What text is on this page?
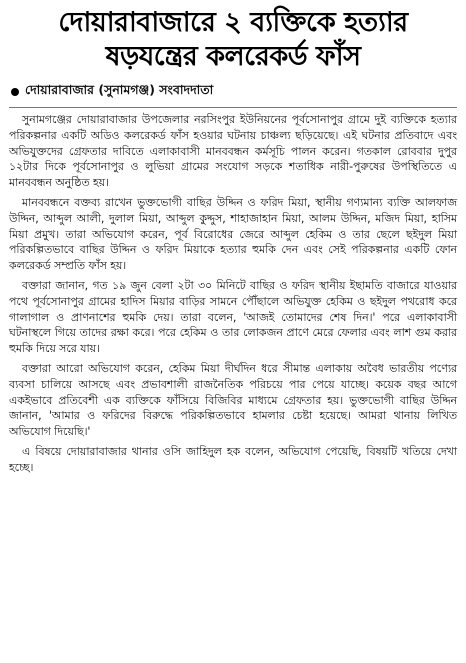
দোয়ারাবাজারে ২ ব্যক্তিকে হত্যার
ষড়যন্ত্রের কলরেকর্ড ফাঁস
দোয়ারাবাজার (সুনামগঞ্জ) সংবাদদাতা

সুনামগঞ্জের দোয়ারাবাজার উপজেলার নরসিংপুর ইউনিয়নের পূর্বসোনাপুর গ্রামে দুই ব্যক্তিকে হত্যার পরিকল্পনার একটি অডিও কলরেকর্ড ফাঁস হওয়ার ঘটনায় চাঞ্চল্য ছড়িয়েছে। এই ঘটনার প্রতিবাদে এবং অভিযুক্তদের গ্রেফতার দাবিতে এলাকাবাসী মানববন্ধন কর্মসূচি পালন করেন। গতকাল রোববার দুপুর ১২টার দিকে পূর্বসোনাপুর ও লুভিয়া গ্রামের সংযোগ সড়কে শতাধিক নারী-পুরুষের উপস্থিতিতে এ মানববন্ধন অনুষ্ঠিত হয়।

মানববন্ধনে বক্তব্য রাখেন ভুক্তভোগী বাছির উদ্দিন ও ফরিদ মিয়া, স্থানীয় গণ্যমান্য ব্যক্তি আলফাজ উদ্দিন, আব্দুল আলী, দুলাল মিয়া, আব্দুল কুদ্দুস, শাহাজাহান মিয়া, আলম উদ্দিন, মজিদ মিয়া, হাসিম মিয়া প্রমুখ। তারা অভিযোগ করেন, পূর্ব বিরোধের জেরে আব্দুল হেকিম ও তার ছেলে ছইদুল মিয়া পরিকল্পিতভাবে বাছির উদ্দিন ও ফরিদ মিয়াকে হত্যার হুমকি দেন এবং সেই পরিকল্পনার একটি ফোন কলরেকর্ড সম্প্রতি ফাঁস হয়।

বক্তারা জানান, গত ১৯ জুন বেলা ২টা ৩০ মিনিটে বাছির ও ফরিদ স্থানীয় ইছামতি বাজারে যাওয়ার পথে পূর্বসোনাপুর গ্রামের হাদিস মিয়ার বাড়ির সামনে পৌঁছালে অভিযুক্ত হেকিম ও ছইদুল পথরোধ করে গালাগাল ও প্রাণনাশের হুমকি দেয়। তারা বলেন, 'আজই তোমাদের শেষ দিন।' পরে এলাকাবাসী ঘটনাস্থলে গিয়ে তাদের রক্ষা করে। পরে হেকিম ও তার লোকজন প্রাণে মেরে ফেলার এবং লাশ গুম করার হুমকি দিয়ে সরে যায়।

বক্তারা আরো অভিযোগ করেন, হেকিম মিয়া দীর্ঘদিন ধরে সীমান্ত এলাকায় অবৈধ ভারতীয় পণ্যের ব্যবসা চালিয়ে আসছে এবং প্রভাবশালী রাজনৈতিক পরিচয়ে পার পেয়ে যাচ্ছে। কয়েক বছর আগে একইভাবে প্রতিবেশী এক ব্যক্তিকে ফাঁসিয়ে বিজিবির মাধ্যমে গ্রেফতার হয়। ভুক্তভোগী বাছির উদ্দিন জানান, 'আমার ও ফরিদের বিরুদ্ধে পরিকল্পিতভাবে হামলার চেষ্টা হয়েছে। আমরা থানায় লিখিত অভিযোগ দিয়েছি।'

এ বিষয়ে দোয়ারাবাজার থানার ওসি জাহিদুল হক বলেন, অভিযোগ পেয়েছি, বিষয়টি খতিয়ে দেখা হচ্ছে।
